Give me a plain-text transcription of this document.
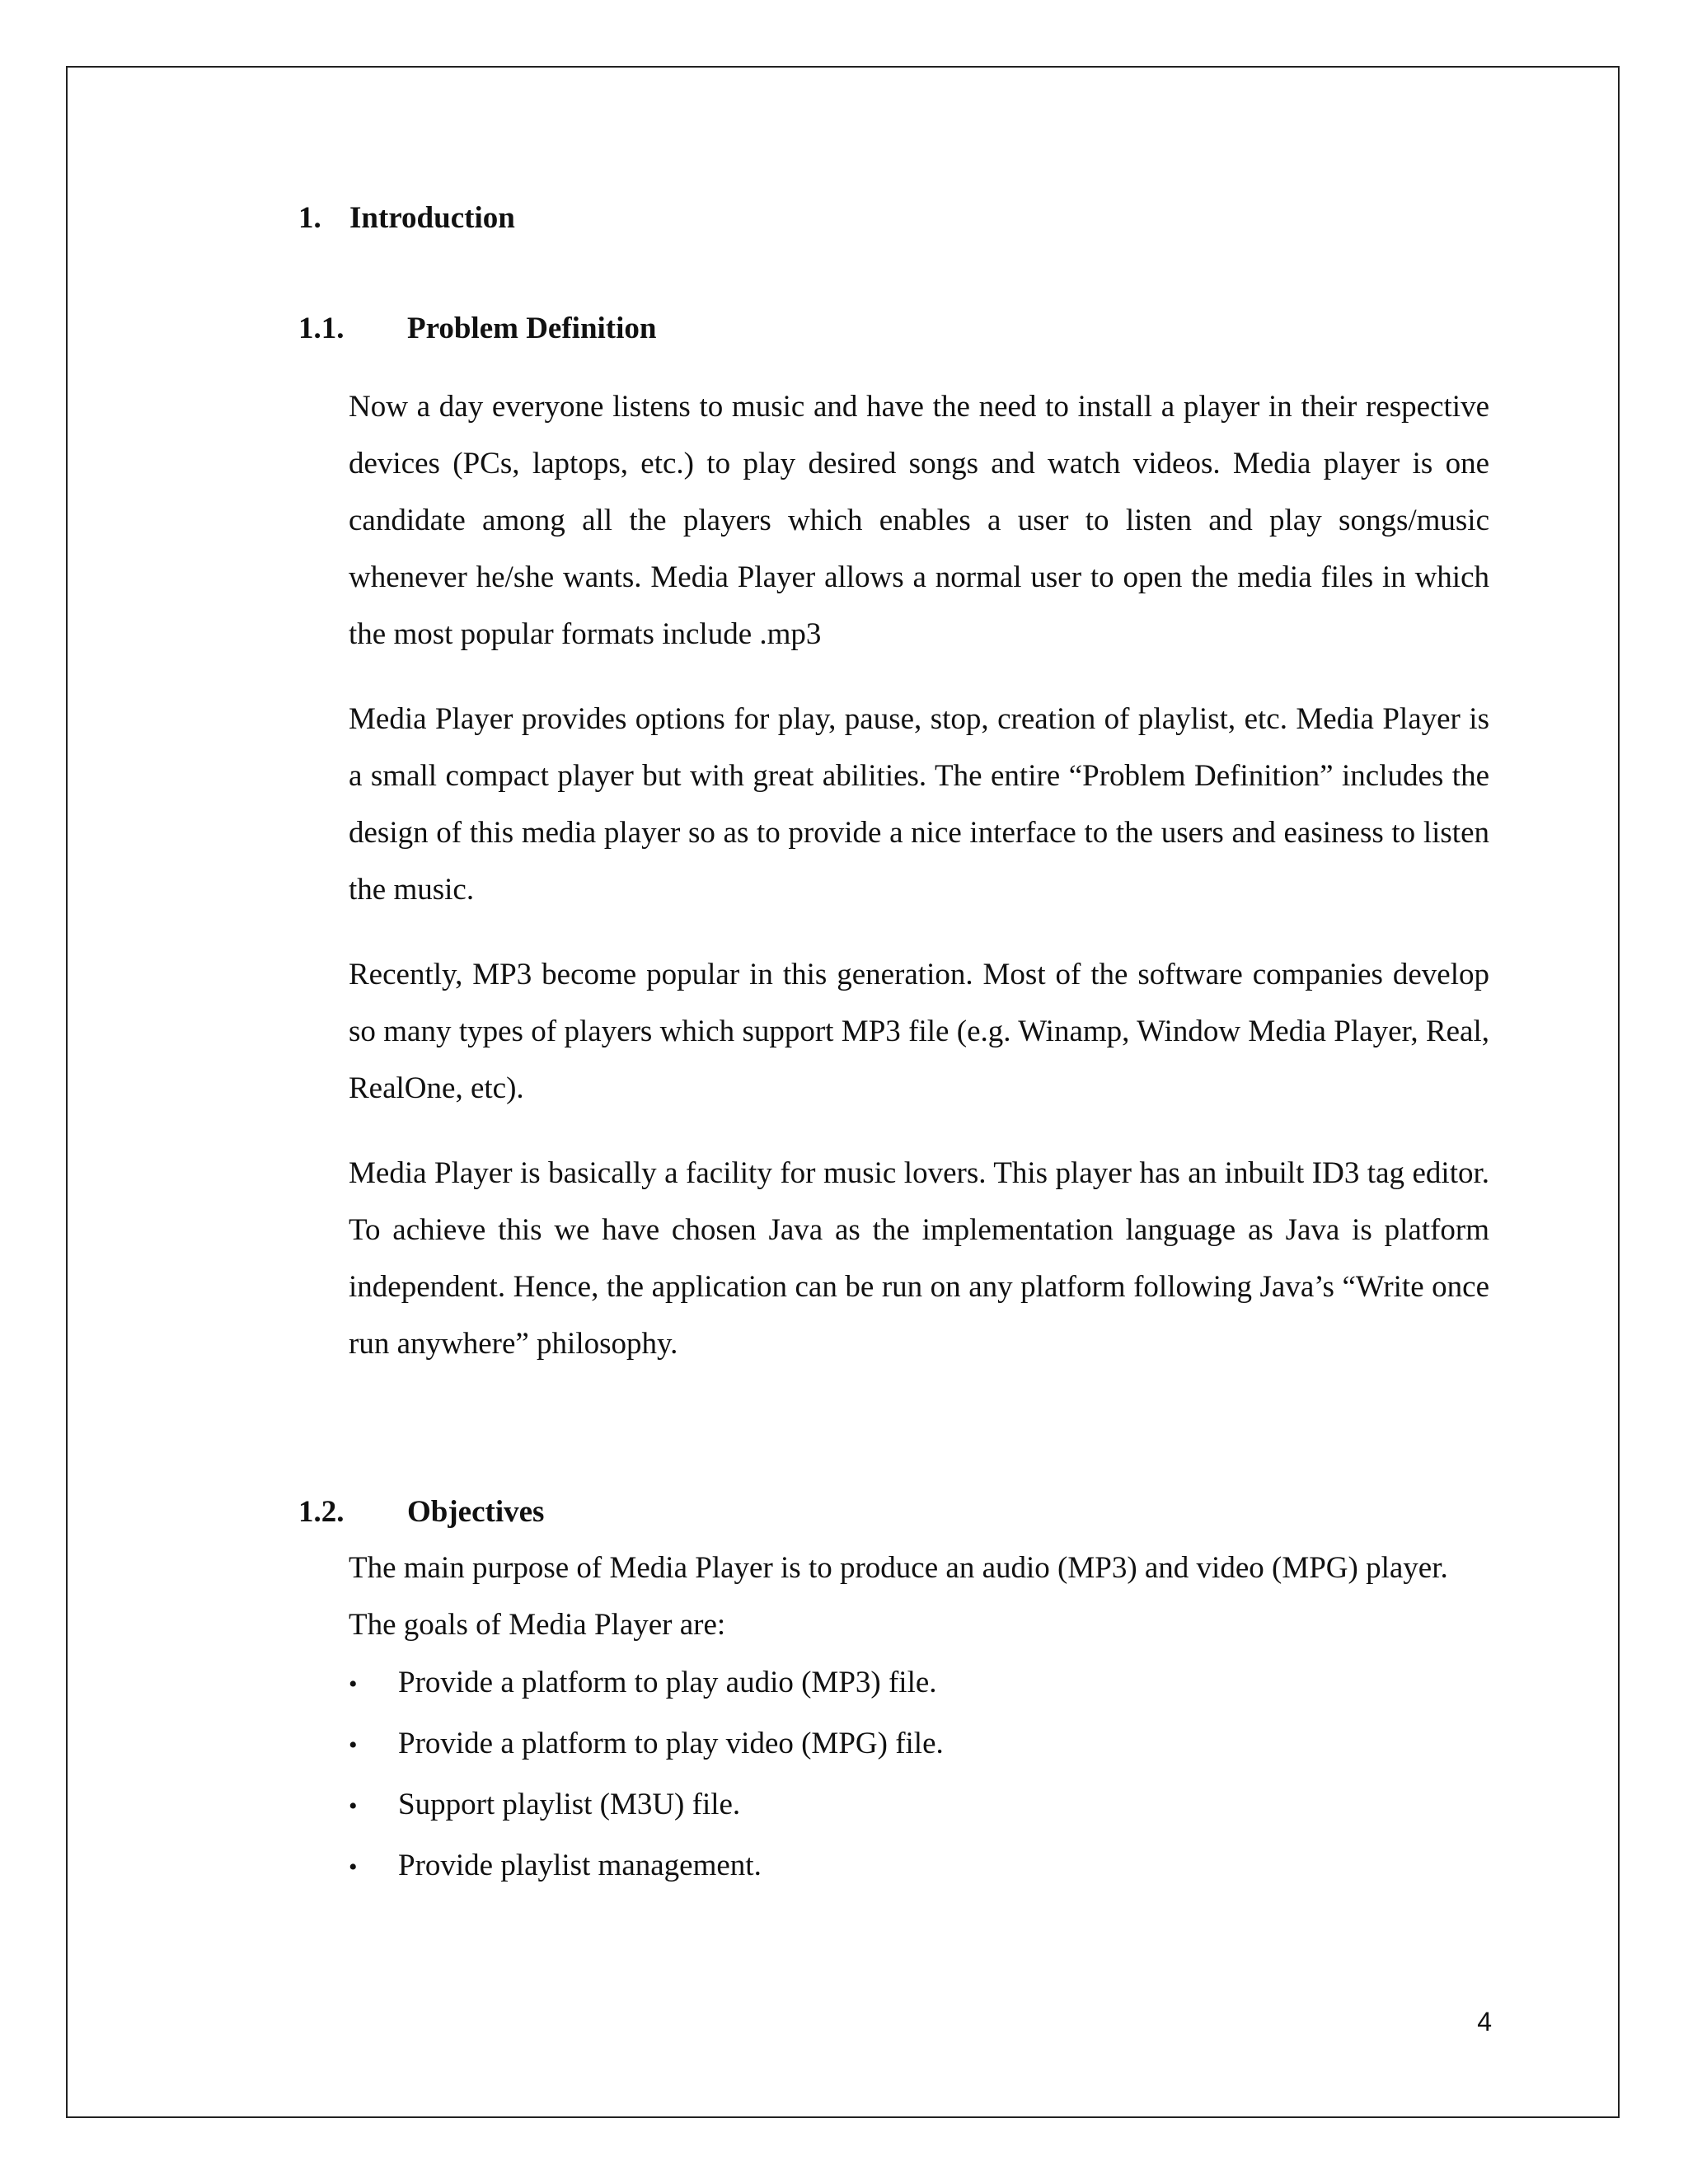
1. Introduction
1.1.	Problem Definition

Now a day everyone listens to music and have the need to install a player in their respective devices (PCs, laptops, etc.) to play desired songs and watch videos. Media player is one candidate among all the players which enables a user to listen and play songs/music whenever he/she wants. Media Player allows a normal user to open the media files in which the most popular formats include .mp3

Media Player provides options for play, pause, stop, creation of playlist, etc. Media Player is a small compact player but with great abilities. The entire “Problem Definition” includes the design of this media player so as to provide a nice interface to the users and easiness to listen the music.

Recently, MP3 become popular in this generation. Most of the software companies develop so many types of players which support MP3 file (e.g. Winamp, Window Media Player, Real, RealOne, etc).

Media Player is basically a facility for music lovers. This player has an inbuilt ID3 tag editor. To achieve this we have chosen Java as the implementation language as Java is platform independent. Hence, the application can be run on any platform following Java’s “Write once run anywhere” philosophy.

1.2.	Objectives

The main purpose of Media Player is to produce an audio (MP3) and video (MPG) player.

The goals of Media Player are:

•	Provide a platform to play audio (MP3) file.
•	Provide a platform to play video (MPG) file.
•	Support playlist (M3U) file.
•	Provide playlist management.
4
